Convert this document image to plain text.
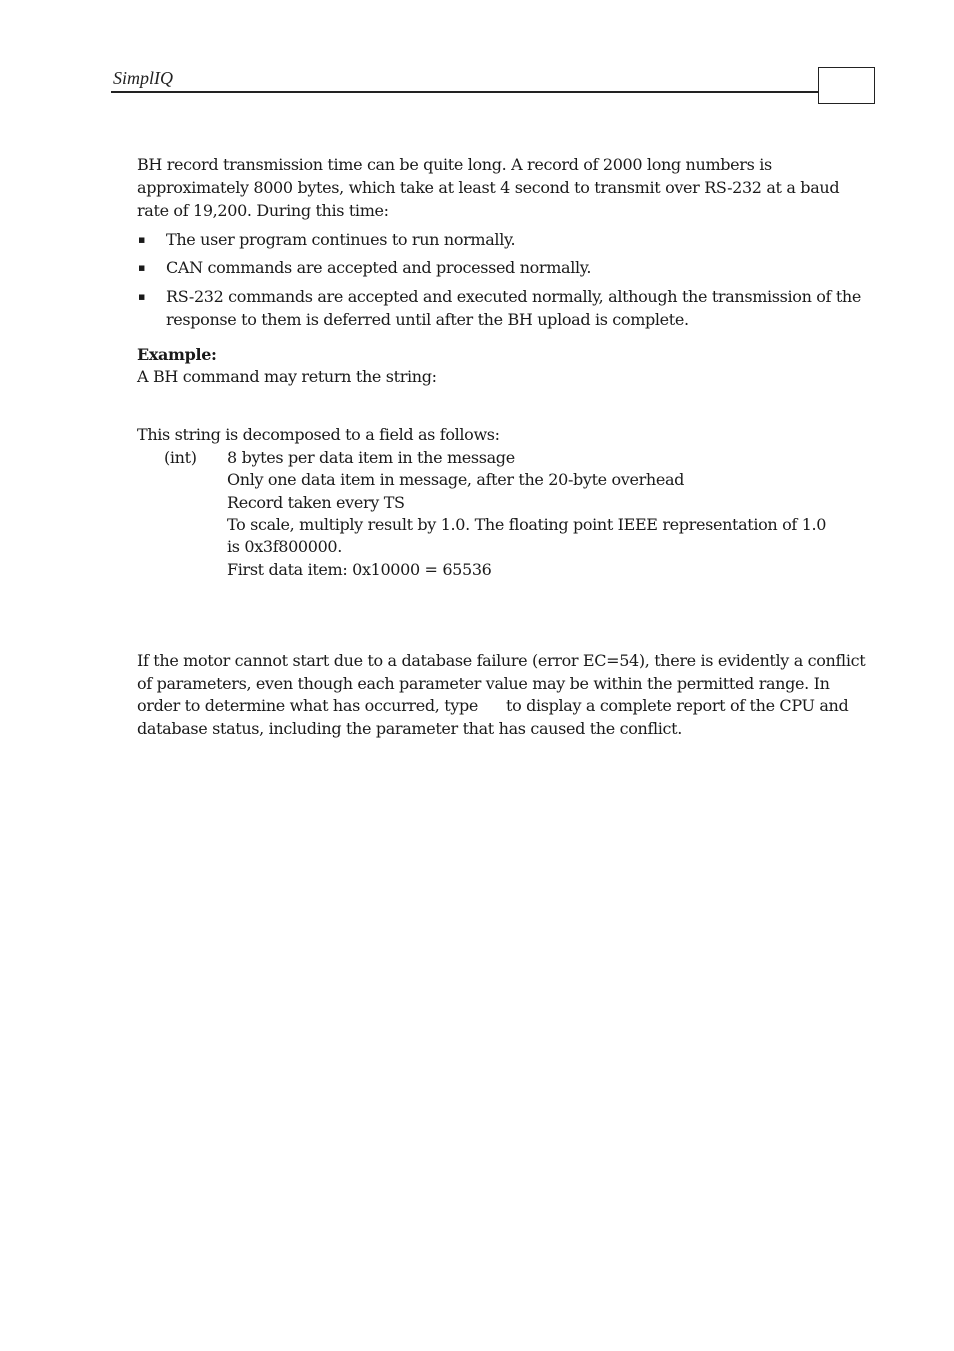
SimplIQ
BH record transmission time can be quite long. A record of 2000 long numbers is
approximately 8000 bytes, which take at least 4 second to transmit over RS-232 at a baud
rate of 19,200. During this time:
▪ The user program continues to run normally.
▪ CAN commands are accepted and processed normally.
▪ RS-232 commands are accepted and executed normally, although the transmission of the
response to them is deferred until after the BH upload is complete.
Example:
A BH command may return the string:
This string is decomposed to a field as follows:
(int) 8 bytes per data item in the message
Only one data item in message, after the 20-byte overhead
Record taken every TS
To scale, multiply result by 1.0. The floating point IEEE representation of 1.0
is 0x3f800000.
First data item: 0x10000 = 65536
If the motor cannot start due to a database failure (error EC=54), there is evidently a conflict
of parameters, even though each parameter value may be within the permitted range. In
order to determine what has occurred, type to display a complete report of the CPU and
database status, including the parameter that has caused the conflict.
